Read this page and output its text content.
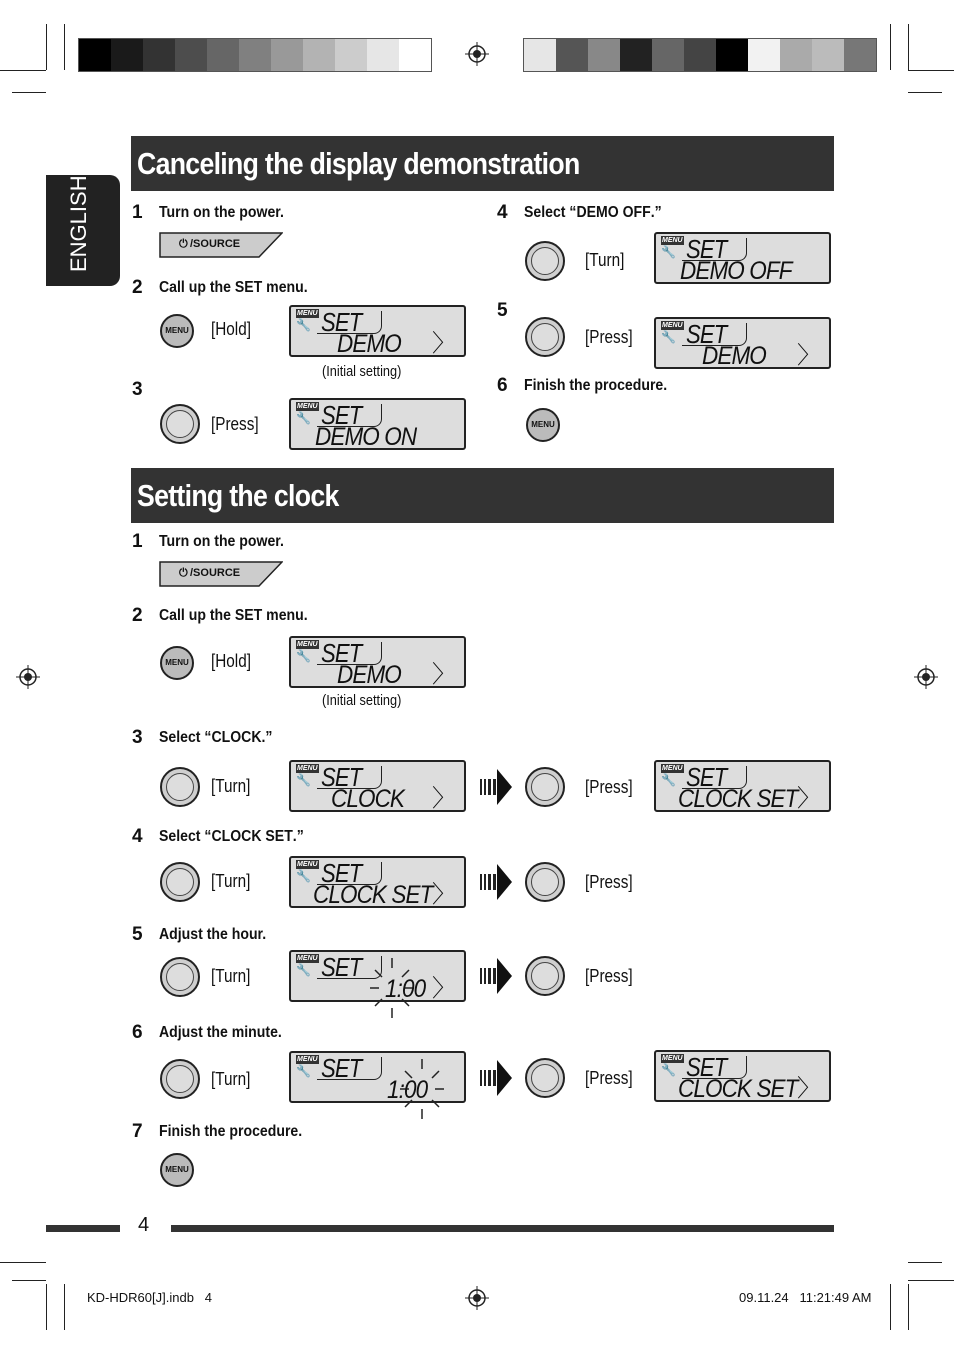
ENGLISH
Canceling the display demonstration
1 Turn on the power.
⏻ /SOURCE
2 Call up the SET menu.
MENU [Hold]
MENU
🔧 SET
DEMO 〉
(Initial setting)
3
[Press]
MENU
🔧 SET
DEMO ON
4 Select “DEMO OFF.”
[Turn]
MENU
🔧 SET
DEMO OFF
5
[Press]
MENU
🔧 SET
DEMO 〉
6 Finish the procedure.
MENU
Setting the clock
1 Turn on the power.
⏻ /SOURCE
2 Call up the SET menu.
MENU [Hold]
MENU
🔧 SET
DEMO 〉
(Initial setting)
3 Select “CLOCK.”
[Turn]
MENU
🔧 SET
CLOCK 〉	[Press]
MENU
🔧 SET
CLOCK SET 〉
4 Select “CLOCK SET.”
[Turn]
MENU
🔧 SET
CLOCK SET 〉	[Press]
5 Adjust the hour.
[Turn]
MENU
🔧 SET
1:00 〉	[Press]
6 Adjust the minute.
[Turn]
MENU
🔧 SET
1:00	[Press]
MENU
🔧 SET
CLOCK SET 〉
7 Finish the procedure.
MENU
4
KD-HDR60[J].indb   4	09.11.24   11:21:49 AM
